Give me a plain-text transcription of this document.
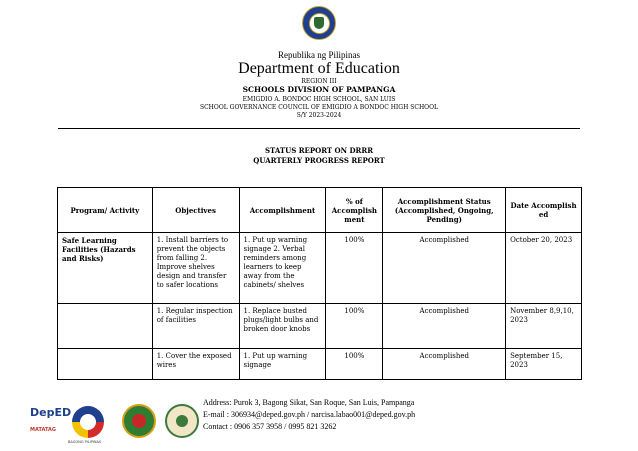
Republika ng Pilipinas
Department of Education
REGION III
SCHOOLS DIVISION OF PAMPANGA
EMIGDIO A. BONDOC HIGH SCHOOL, SAN LUIS
SCHOOL GOVERNANCE COUNCIL OF EMIGDIO A BONDOC HIGH SCHOOL
S/Y 2023-2024
STATUS REPORT ON DRRR
QUARTERLY PROGRESS REPORT
Program/ Activity	Objectives	Accomplishment	% of Accomplish ment	Accomplishment Status (Accomplished, Ongoing, Pending)	Date Accomplish ed
Safe Learning Facilities (Hazards and Risks)	1. Install barriers to prevent the objects from falling 2. Improve shelves design and transfer to safer locations	1. Put up warning signage 2. Verbal reminders among learners to keep away from the cabinets/ shelves	100%	Accomplished	October 20, 2023
	1. Regular inspection of facilities	1. Replace busted plugs/light bulbs and broken door knobs	100%	Accomplished	November 8,9,10, 2023
	1. Cover the exposed wires	1. Put up warning signage	100%	Accomplished	September 15, 2023
DepED
MATATAG
BAGONG PILIPINAS
Address: Purok 3, Bagong Sikat, San Roque, San Luis, Pampanga
E-mail : 306934@deped.gov.ph / narcisa.labao001@deped.gov.ph
Contact : 0906 357 3958 / 0995 821 3262
